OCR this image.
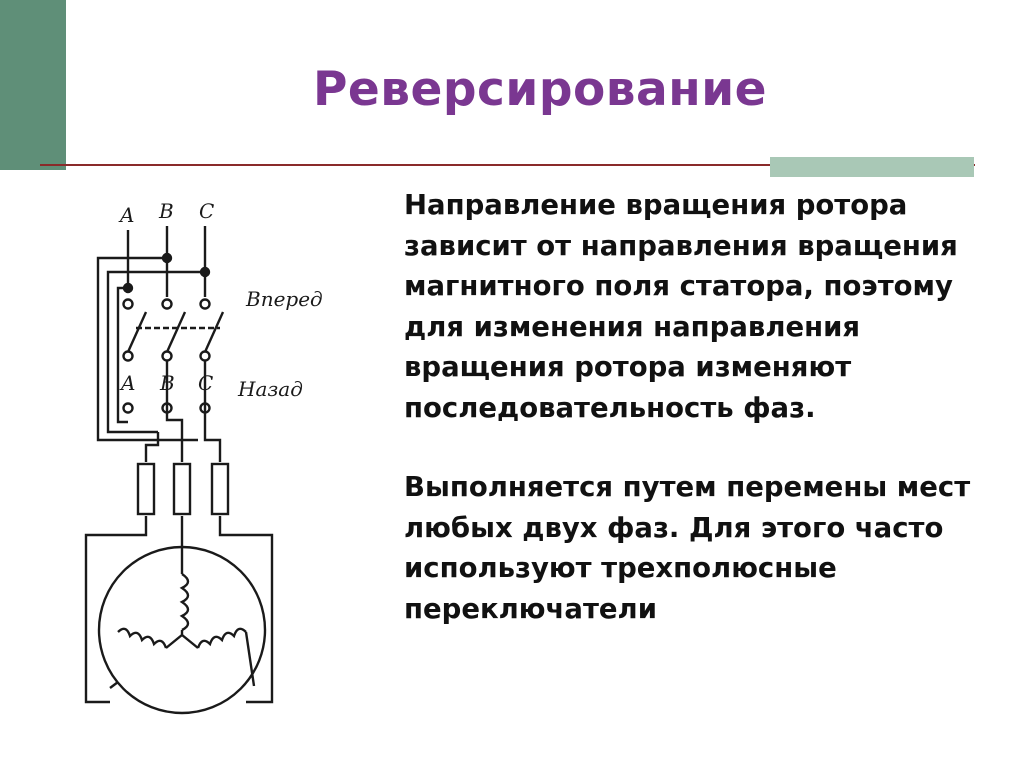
Реверсирование

Направление вращения ротора зависит от направления вращения магнитного поля статора, поэтому для изменения направления вращения ротора изменяют последовательность фаз.

Выполняется путем перемены мест любых двух фаз. Для этого часто используют трехполюсные переключатели

A B C
A B C
Вперед
Назад
